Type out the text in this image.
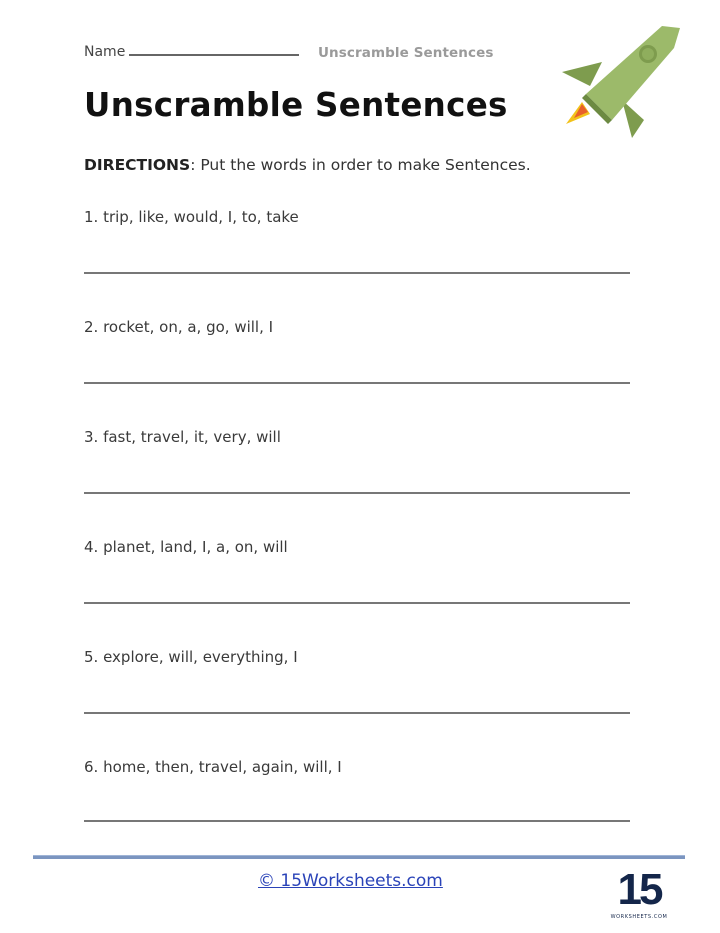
Name	Unscramble Sentences
Unscramble Sentences
DIRECTIONS: Put the words in order to make Sentences.
1. trip, like, would, I, to, take
2. rocket, on, a, go, will, I
3. fast, travel, it, very, will
4. planet, land, I, a, on, will
5. explore, will, everything, I
6. home, then, travel, again, will, I
© 15Worksheets.com	15
WORKSHEETS.COM
